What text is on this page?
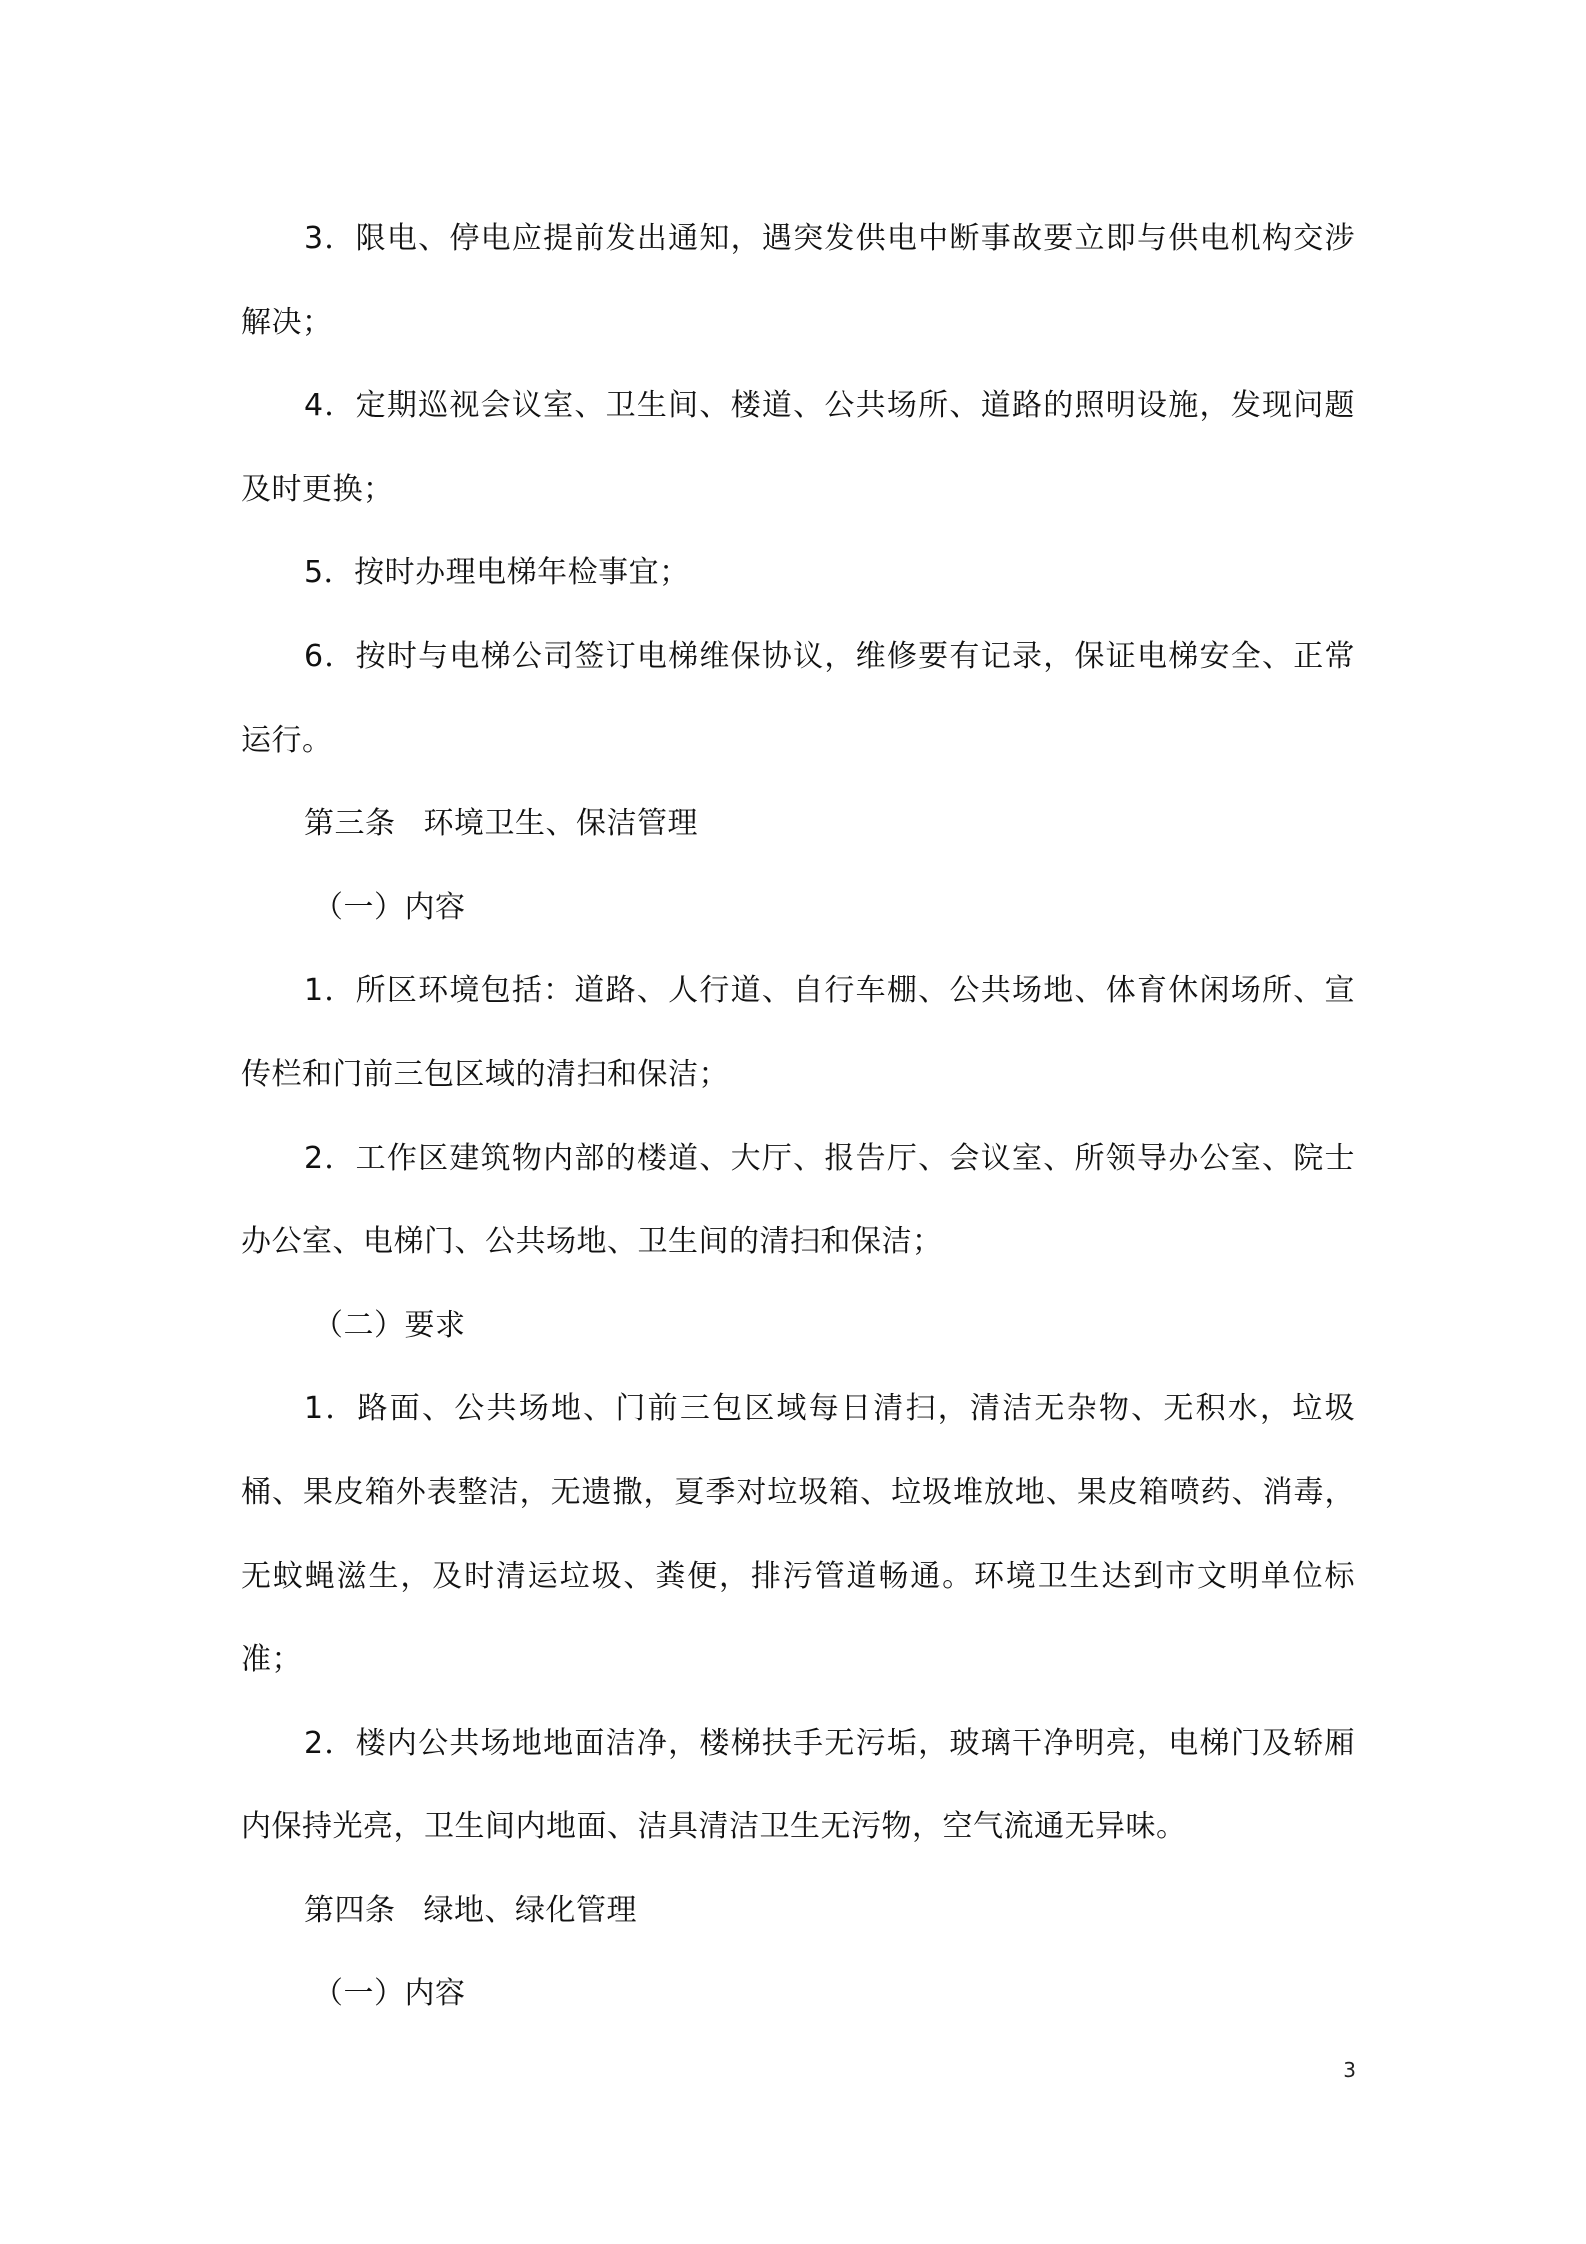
3．限电、停电应提前发出通知，遇突发供电中断事故要立即与供电机构交涉解决；

4．定期巡视会议室、卫生间、楼道、公共场所、道路的照明设施，发现问题及时更换；

5．按时办理电梯年检事宜；

6．按时与电梯公司签订电梯维保协议，维修要有记录，保证电梯安全、正常运行。

第三条 环境卫生、保洁管理

（一）内容

1．所区环境包括：道路、人行道、自行车棚、公共场地、体育休闲场所、宣传栏和门前三包区域的清扫和保洁；

2．工作区建筑物内部的楼道、大厅、报告厅、会议室、所领导办公室、院士办公室、电梯门、公共场地、卫生间的清扫和保洁；

（二）要求

1．路面、公共场地、门前三包区域每日清扫，清洁无杂物、无积水，垃圾桶、果皮箱外表整洁，无遗撒，夏季对垃圾箱、垃圾堆放地、果皮箱喷药、消毒，无蚊蝇滋生，及时清运垃圾、粪便，排污管道畅通。环境卫生达到市文明单位标准；

2．楼内公共场地地面洁净，楼梯扶手无污垢，玻璃干净明亮，电梯门及轿厢内保持光亮，卫生间内地面、洁具清洁卫生无污物，空气流通无异味。

第四条 绿地、绿化管理

（一）内容

3
